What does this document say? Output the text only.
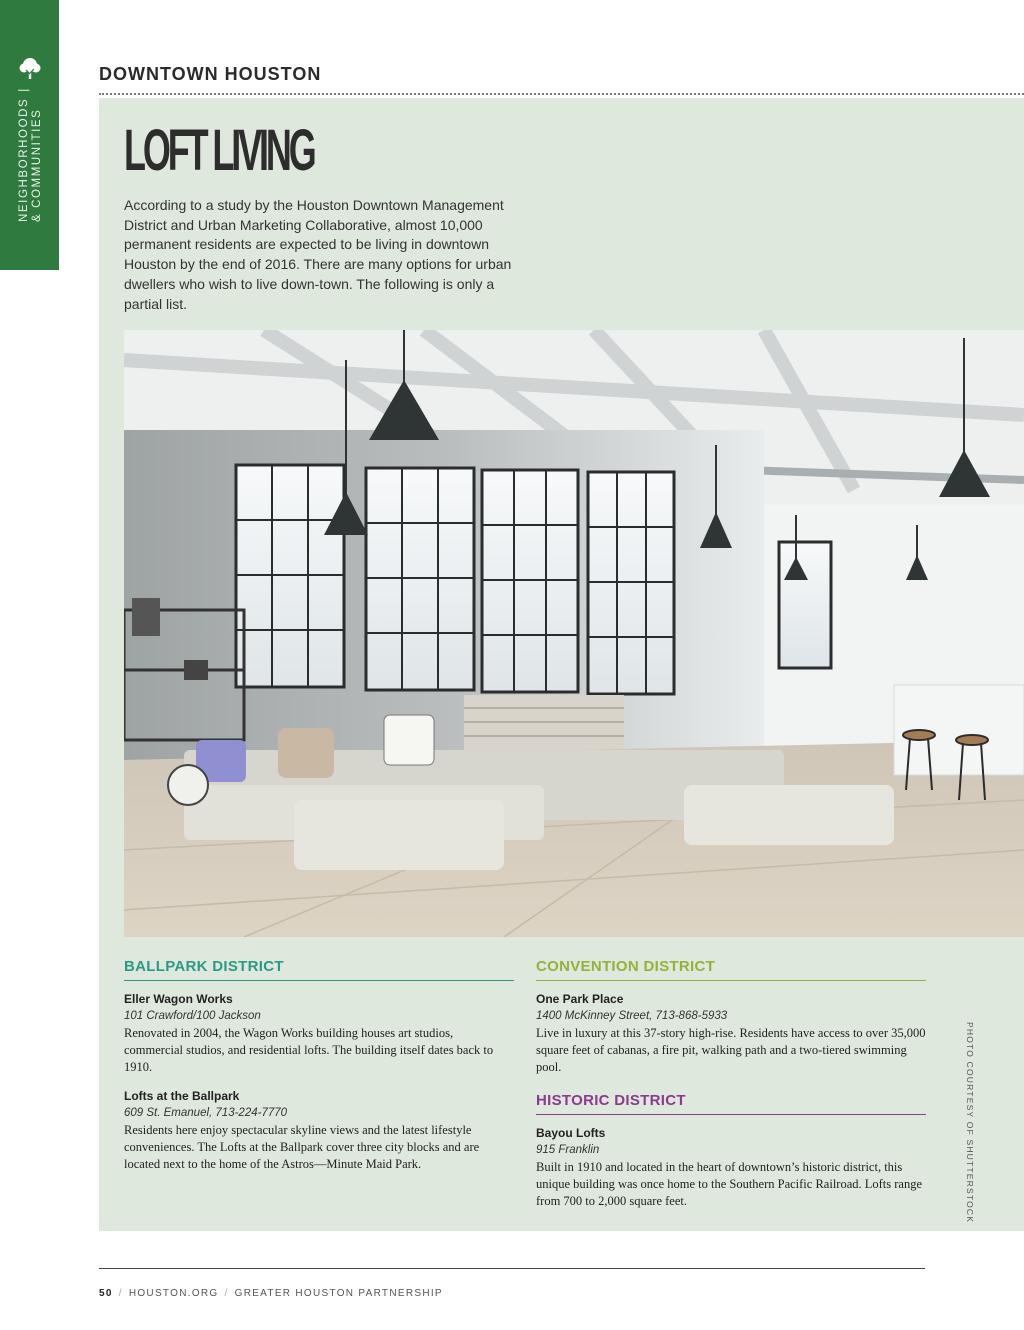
NEIGHBORHOODS|
& COMMUNITIES
DOWNTOWN HOUSTON
LOFT LIVING
According to a study by the Houston Downtown Management District and Urban Marketing Collaborative, almost 10,000 permanent residents are expected to be living in downtown Houston by the end of 2016. There are many options for urban dwellers who wish to live down-town. The following is only a partial list.
PHOTO COURTESY OF SHUTTERSTOCK
BALLPARK DISTRICT
Eller Wagon Works
101 Crawford/100 Jackson
Renovated in 2004, the Wagon Works building houses art studios, commercial studios, and residential lofts. The building itself dates back to 1910.
Lofts at the Ballpark
609 St. Emanuel, 713-224-7770
Residents here enjoy spectacular skyline views and the latest lifestyle conveniences. The Lofts at the Ballpark cover three city blocks and are located next to the home of the Astros—Minute Maid Park.
CONVENTION DISTRICT
One Park Place
1400 McKinney Street, 713-868-5933
Live in luxury at this 37-story high-rise. Residents have access to over 35,000 square feet of cabanas, a fire pit, walking path and a two-tiered swimming pool.
HISTORIC DISTRICT
Bayou Lofts
915 Franklin
Built in 1910 and located in the heart of downtown’s historic district, this unique building was once home to the Southern Pacific Railroad. Lofts range from 700 to 2,000 square feet.
50 / HOUSTON.ORG / GREATER HOUSTON PARTNERSHIP
